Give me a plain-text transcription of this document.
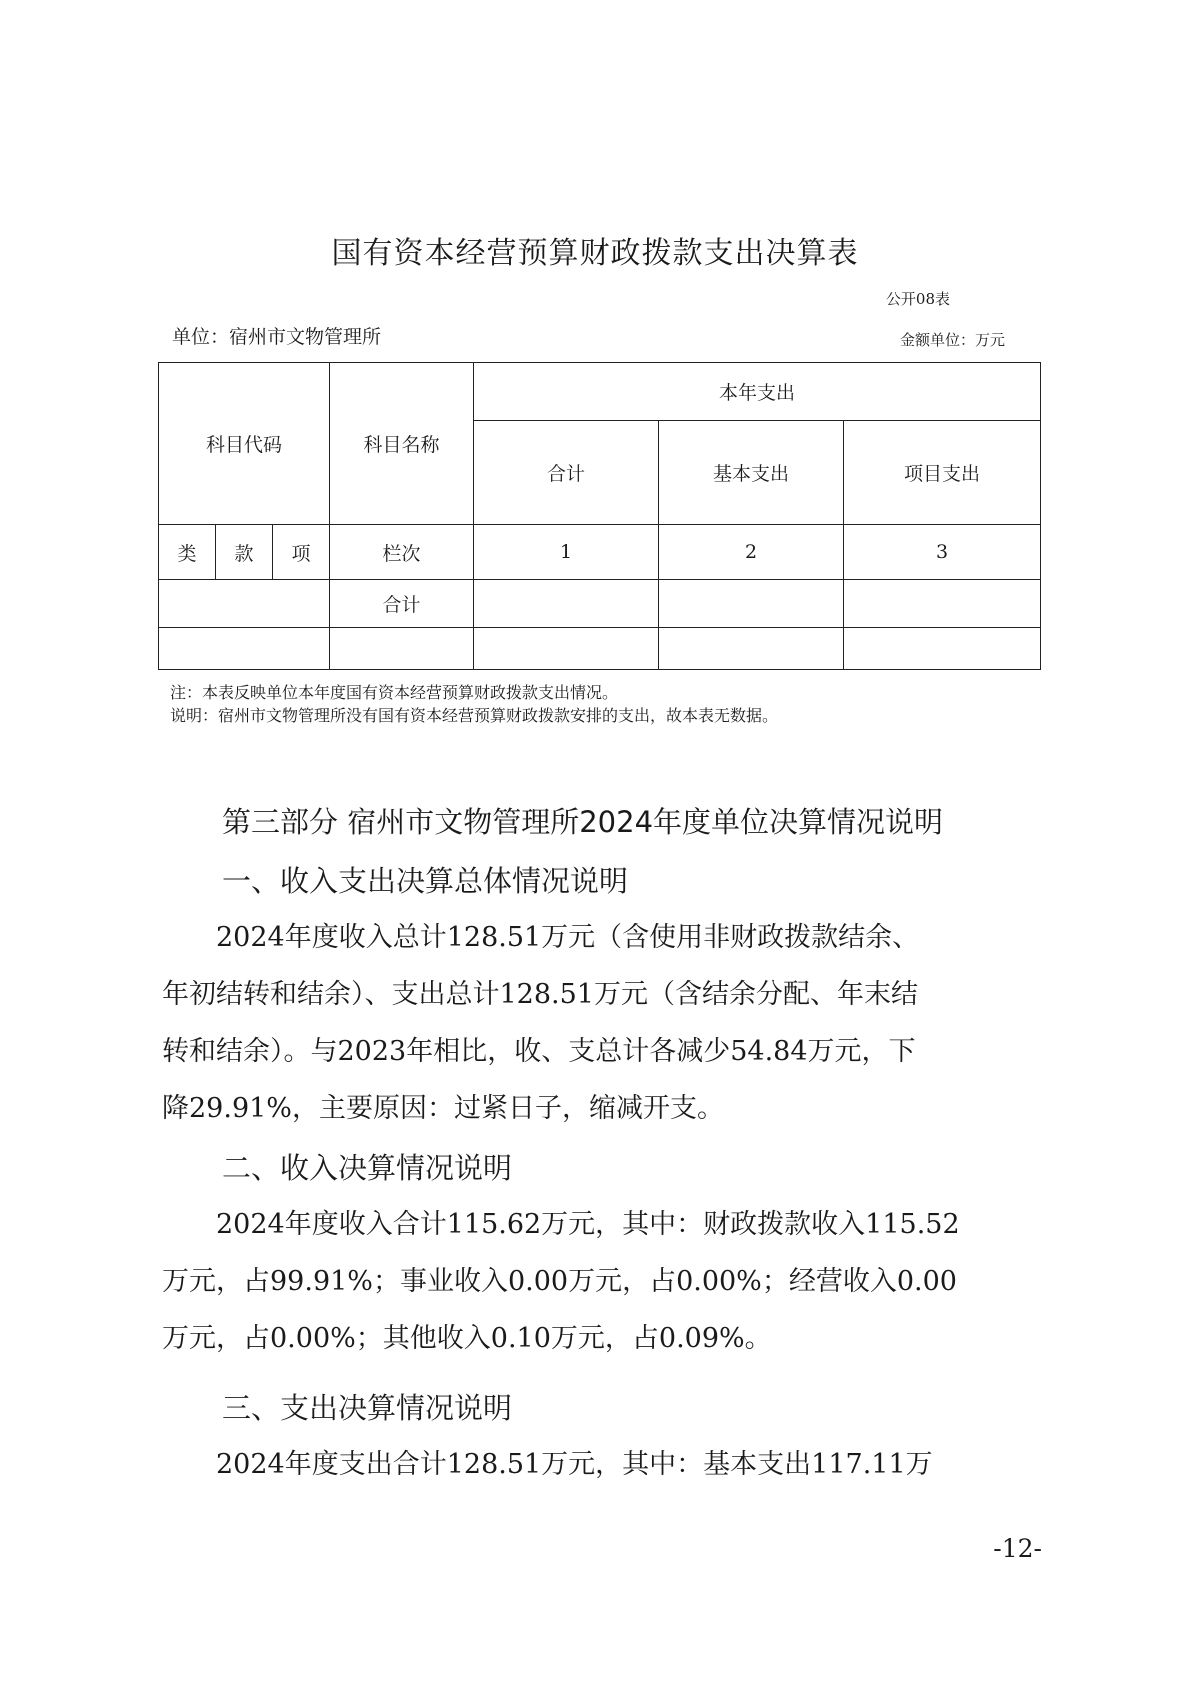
国有资本经营预算财政拨款支出决算表
公开08表
单位：宿州市文物管理所	金额单位：万元
科目代码			科目名称	本年支出		
				合计	基本支出	项目支出
类	款	项	栏次	1	2	3
			合计			

注：本表反映单位本年度国有资本经营预算财政拨款支出情况。
说明：宿州市文物管理所没有国有资本经营预算财政拨款安排的支出，故本表无数据。
第三部分 宿州市文物管理所2024年度单位决算情况说明
一、收入支出决算总体情况说明

　　2024年度收入总计128.51万元（含使用非财政拨款结余、

年初结转和结余）、支出总计128.51万元（含结余分配、年末结

转和结余）。与2023年相比，收、支总计各减少54.84万元，下

降29.91%，主要原因：过紧日子，缩减开支。

二、收入决算情况说明

　　2024年度收入合计115.62万元，其中：财政拨款收入115.52

万元，占99.91%；事业收入0.00万元，占0.00%；经营收入0.00

万元，占0.00%；其他收入0.10万元，占0.09%。

三、支出决算情况说明

　　2024年度支出合计128.51万元，其中：基本支出117.11万

-12-
